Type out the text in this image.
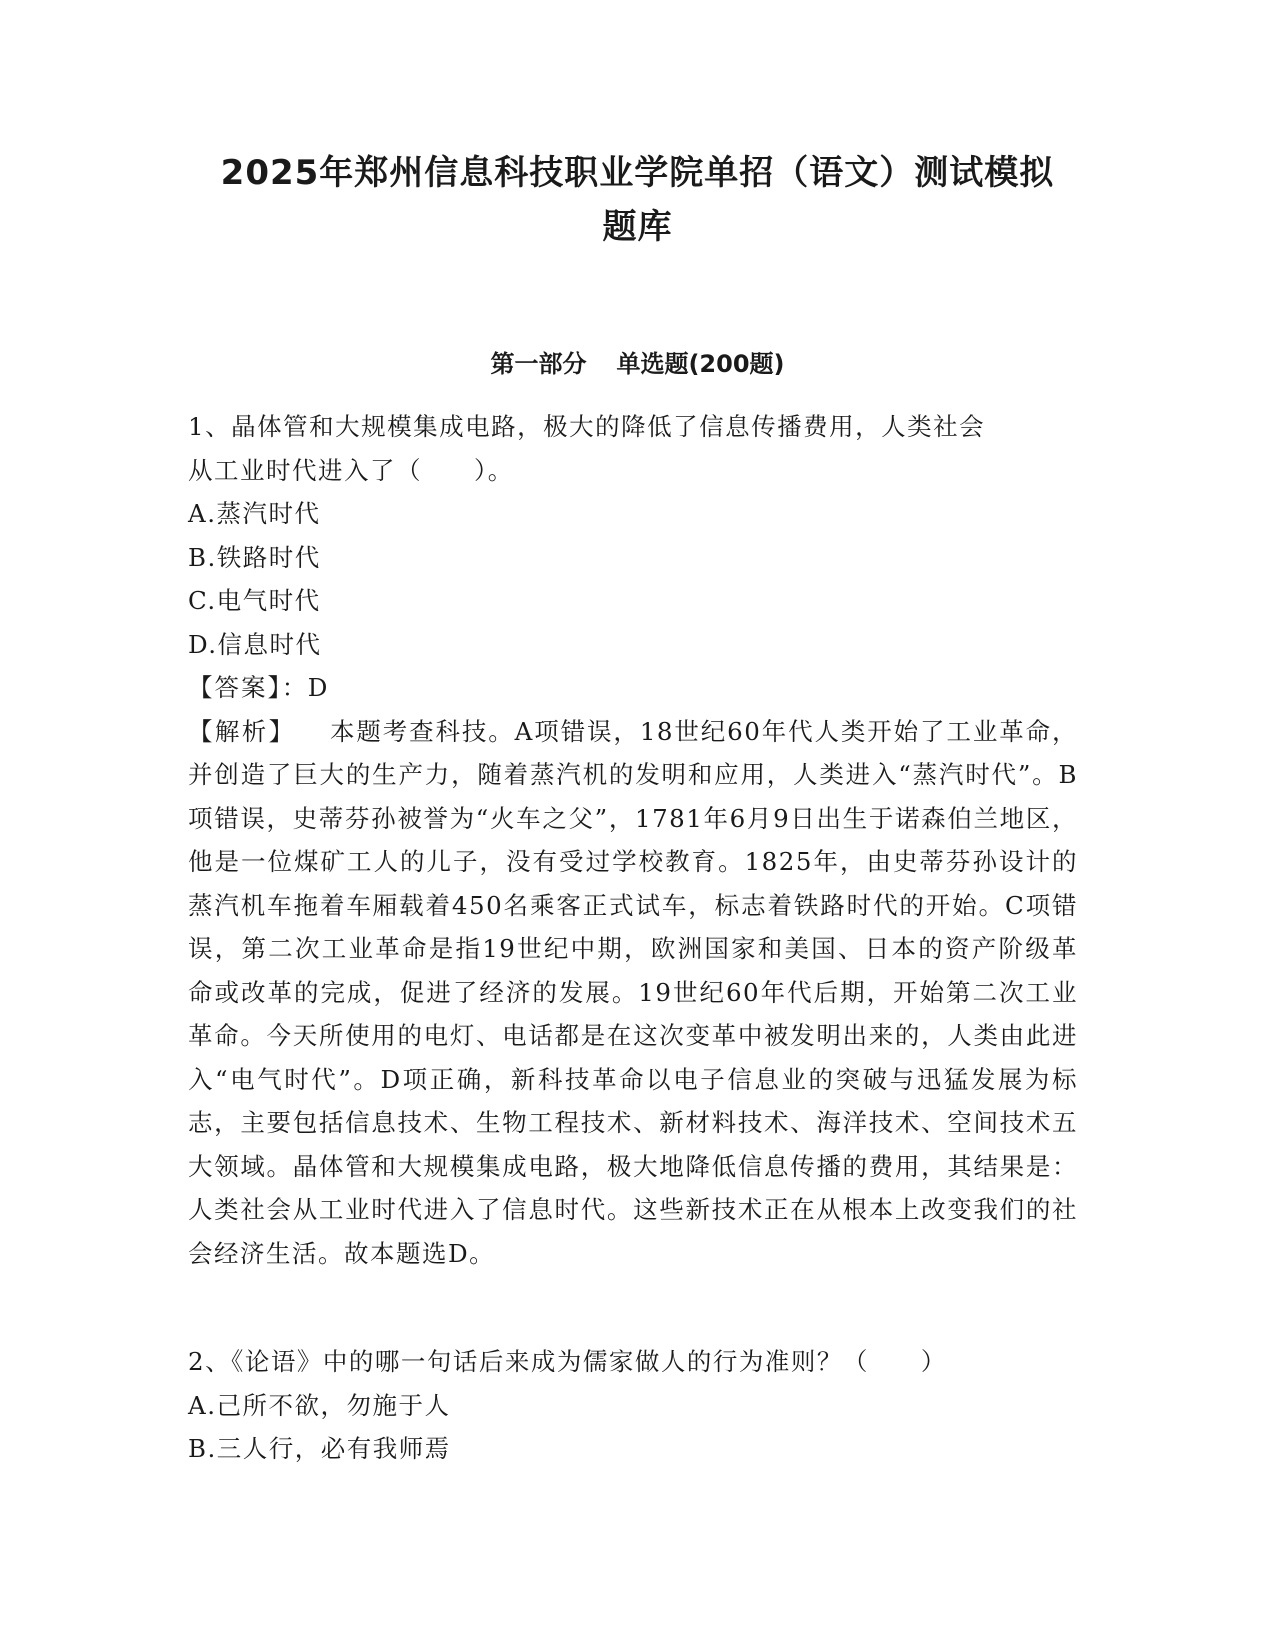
2025年郑州信息科技职业学院单招（语文）测试模拟
题库
第一部分 单选题(200题)
1、晶体管和大规模集成电路，极大的降低了信息传播费用，人类社会
从工业时代进入了（　　）。
A.蒸汽时代
B.铁路时代
C.电气时代
D.信息时代
【答案】：D
【解析】 本题考查科技。A项错误，18世纪60年代人类开始了工业革命，并创造了巨大的生产力，随着蒸汽机的发明和应用，人类进入“蒸汽时代”。B项错误，史蒂芬孙被誉为“火车之父”，1781年6月9日出生于诺森伯兰地区，他是一位煤矿工人的儿子，没有受过学校教育。1825年，由史蒂芬孙设计的蒸汽机车拖着车厢载着450名乘客正式试车，标志着铁路时代的开始。C项错误，第二次工业革命是指19世纪中期，欧洲国家和美国、日本的资产阶级革命或改革的完成，促进了经济的发展。19世纪60年代后期，开始第二次工业革命。今天所使用的电灯、电话都是在这次变革中被发明出来的，人类由此进入“电气时代”。D项正确，新科技革命以电子信息业的突破与迅猛发展为标志，主要包括信息技术、生物工程技术、新材料技术、海洋技术、空间技术五大领域。晶体管和大规模集成电路，极大地降低信息传播的费用，其结果是：人类社会从工业时代进入了信息时代。这些新技术正在从根本上改变我们的社会经济生活。故本题选D。
2、《论语》中的哪一句话后来成为儒家做人的行为准则？（　　）
A.己所不欲，勿施于人
B.三人行，必有我师焉
